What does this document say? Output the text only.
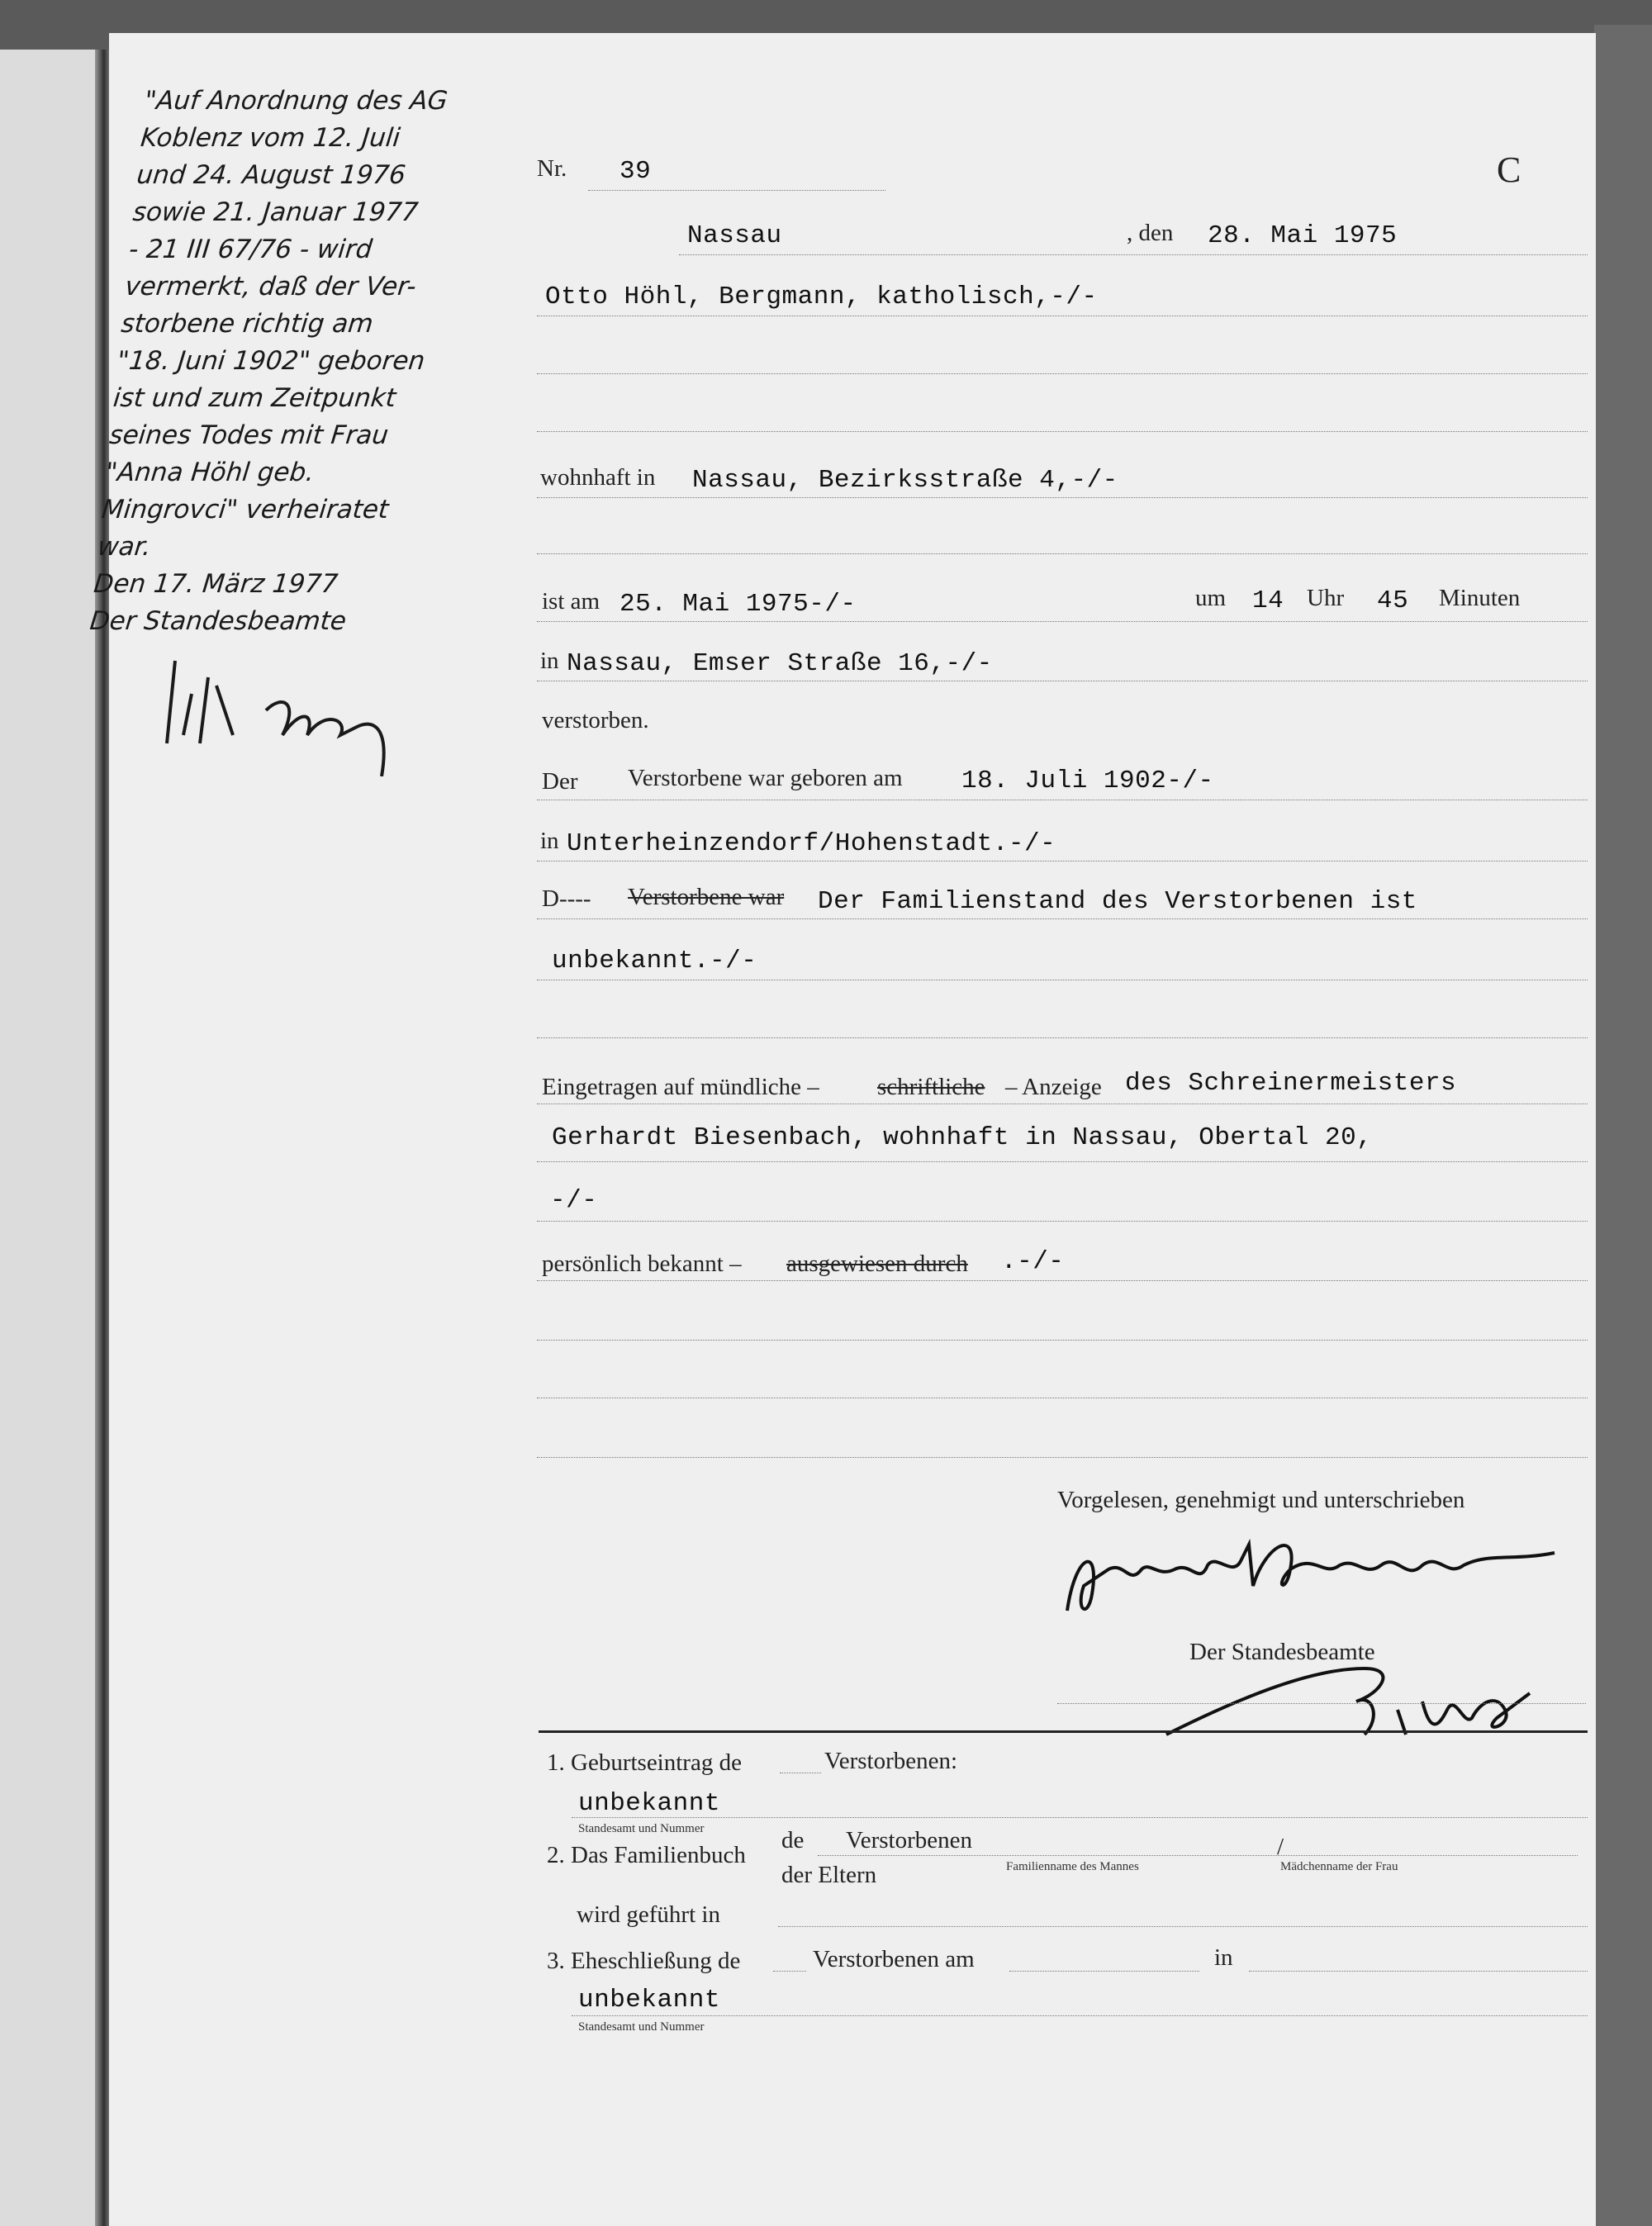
"Auf Anordnung des AG
Koblenz vom 12. Juli
und 24. August 1976
sowie 21. Januar 1977
- 21 III 67/76 - wird
vermerkt, daß der Ver-
storbene richtig am
"18. Juni 1902" geboren
ist und zum Zeitpunkt
seines Todes mit Frau
"Anna Höhl geb.
Mingrovci" verheiratet
war.
Den 17. März 1977
Der Standesbeamte
Nr. 39	C
Nassau	, den 28. Mai 1975
Otto Höhl, Bergmann, katholisch,-/-
wohnhaft in Nassau, Bezirksstraße 4,-/-
ist am 25. Mai 1975-/-	um 14 Uhr 45 Minuten
in Nassau, Emser Straße 16,-/-
verstorben.
Der Verstorbene war geboren am 18. Juli 1902-/-
in Unterheinzendorf/Hohenstadt.-/-
D---- Verstorbene war Der Familienstand des Verstorbenen ist
unbekannt.-/-
Eingetragen auf mündliche – schriftliche – Anzeige des Schreinermeisters
Gerhardt Biesenbach, wohnhaft in Nassau, Obertal 20,
-/-
persönlich bekannt – ausgewiesen durch .-/-
Vorgelesen, genehmigt und unterschrieben
Der Standesbeamte
1. Geburtseintrag de	Verstorbenen:
unbekannt
Standesamt und Nummer
2. Das Familienbuch
de Verstorbenen	/
der Eltern	Familienname des Mannes	Mädchenname der Frau
wird geführt in
3. Eheschließung de	Verstorbenen am	in
unbekannt
Standesamt und Nummer
